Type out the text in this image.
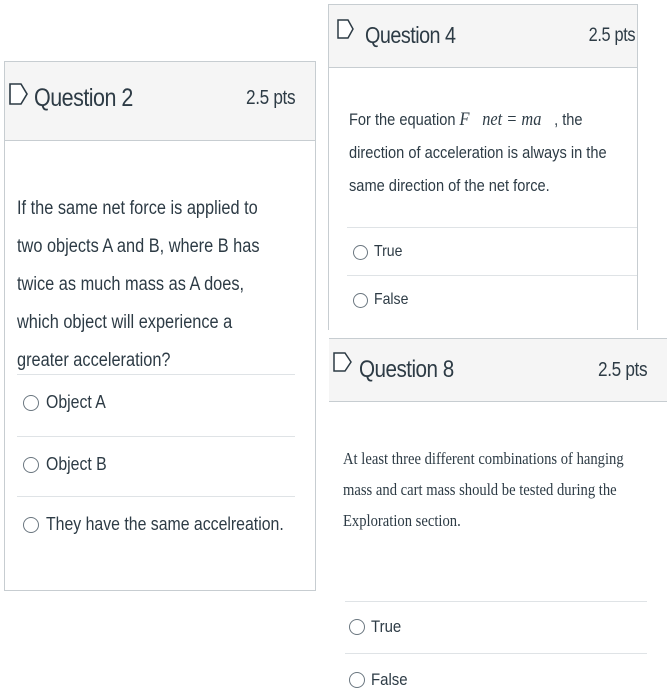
Question 2	2.5 pts
If the same net force is applied to two objects A and B, where B has twice as much mass as A does, which object will experience a greater acceleration?
Object A
Object B
They have the same accelreation.
Question 4	2.5 pts
For the equation F⃗net = ma⃗, the direction of acceleration is always in the same direction of the net force.
True
False
Question 8	2.5 pts
At least three different combinations of hanging mass and cart mass should be tested during the Exploration section.
True
False
